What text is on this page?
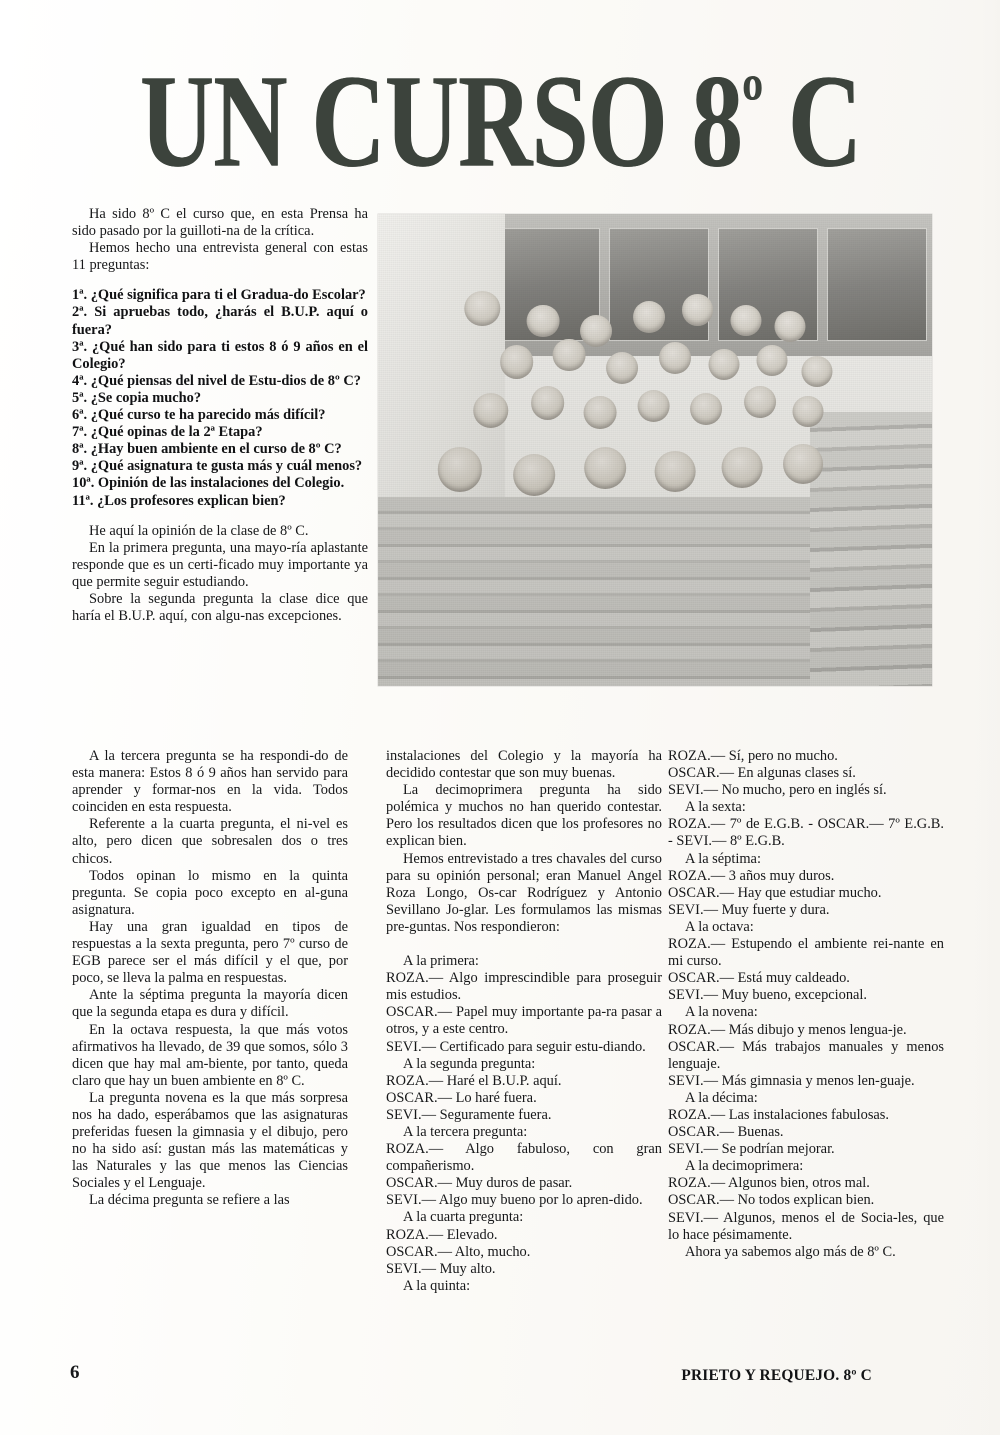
UN CURSO $8^º$ C

Ha sido 8º C el curso que, en esta Prensa ha sido pasado por la guilloti-na de la crítica.

Hemos hecho una entrevista general con estas 11 preguntas:

1ª. ¿Qué significa para ti el Gradua-do Escolar?

2ª. Si apruebas todo, ¿harás el B.U.P. aquí o fuera?

3ª. ¿Qué han sido para ti estos 8 ó 9 años en el Colegio?

4ª. ¿Qué piensas del nivel de Estu-dios de 8º C?

5ª. ¿Se copia mucho?

6ª. ¿Qué curso te ha parecido más difícil?

7ª. ¿Qué opinas de la 2ª Etapa?

8ª. ¿Hay buen ambiente en el curso de 8º C?

9ª. ¿Qué asignatura te gusta más y cuál menos?

10ª. Opinión de las instalaciones del Colegio.

11ª. ¿Los profesores explican bien?

He aquí la opinión de la clase de 8º C.

En la primera pregunta, una mayo-ría aplastante responde que es un certi-ficado muy importante ya que permite seguir estudiando.

Sobre la segunda pregunta la clase dice que haría el B.U.P. aquí, con algu-nas excepciones.

A la tercera pregunta se ha respondi-do de esta manera: Estos 8 ó 9 años han servido para aprender y formar-nos en la vida. Todos coinciden en esta respuesta.

Referente a la cuarta pregunta, el ni-vel es alto, pero dicen que sobresalen dos o tres chicos.

Todos opinan lo mismo en la quinta pregunta. Se copia poco excepto en al-guna asignatura.

Hay una gran igualdad en tipos de respuestas a la sexta pregunta, pero 7º curso de EGB parece ser el más difícil y el que, por poco, se lleva la palma en respuestas.

Ante la séptima pregunta la mayoría dicen que la segunda etapa es dura y difícil.

En la octava respuesta, la que más votos afirmativos ha llevado, de 39 que somos, sólo 3 dicen que hay mal am-biente, por tanto, queda claro que hay un buen ambiente en 8º C.

La pregunta novena es la que más sorpresa nos ha dado, esperábamos que las asignaturas preferidas fuesen la gimnasia y el dibujo, pero no ha sido así: gustan más las matemáticas y las Naturales y las que menos las Ciencias Sociales y el Lenguaje.

La décima pregunta se refiere a las

instalaciones del Colegio y la mayoría ha decidido contestar que son muy buenas.

La decimoprimera pregunta ha sido polémica y muchos no han querido contestar. Pero los resultados dicen que los profesores no explican bien.

Hemos entrevistado a tres chavales del curso para su opinión personal; eran Manuel Angel Roza Longo, Os-car Rodríguez y Antonio Sevillano Jo-glar. Les formulamos las mismas pre-guntas. Nos respondieron:

A la primera:

ROZA.— Algo imprescindible para proseguir mis estudios.

OSCAR.— Papel muy importante pa-ra pasar a otros, y a este centro.

SEVI.— Certificado para seguir estu-diando.

A la segunda pregunta:

ROZA.— Haré el B.U.P. aquí.

OSCAR.— Lo haré fuera.

SEVI.— Seguramente fuera.

A la tercera pregunta:

ROZA.— Algo fabuloso, con gran compañerismo.

OSCAR.— Muy duros de pasar.

SEVI.— Algo muy bueno por lo apren-dido.

A la cuarta pregunta:

ROZA.— Elevado.

OSCAR.— Alto, mucho.

SEVI.— Muy alto.

A la quinta:

ROZA.— Sí, pero no mucho.

OSCAR.— En algunas clases sí.

SEVI.— No mucho, pero en inglés sí.

A la sexta:

ROZA.— 7º de E.G.B. - OSCAR.— 7º E.G.B. - SEVI.— 8º E.G.B.

A la séptima:

ROZA.— 3 años muy duros.

OSCAR.— Hay que estudiar mucho.

SEVI.— Muy fuerte y dura.

A la octava:

ROZA.— Estupendo el ambiente rei-nante en mi curso.

OSCAR.— Está muy caldeado.

SEVI.— Muy bueno, excepcional.

A la novena:

ROZA.— Más dibujo y menos lengua-je.

OSCAR.— Más trabajos manuales y menos lenguaje.

SEVI.— Más gimnasia y menos len-guaje.

A la décima:

ROZA.— Las instalaciones fabulosas.

OSCAR.— Buenas.

SEVI.— Se podrían mejorar.

A la decimoprimera:

ROZA.— Algunos bien, otros mal.

OSCAR.— No todos explican bien.

SEVI.— Algunos, menos el de Socia-les, que lo hace pésimamente.

Ahora ya sabemos algo más de 8º C.

PRIETO Y REQUEJO. 8º C
6
